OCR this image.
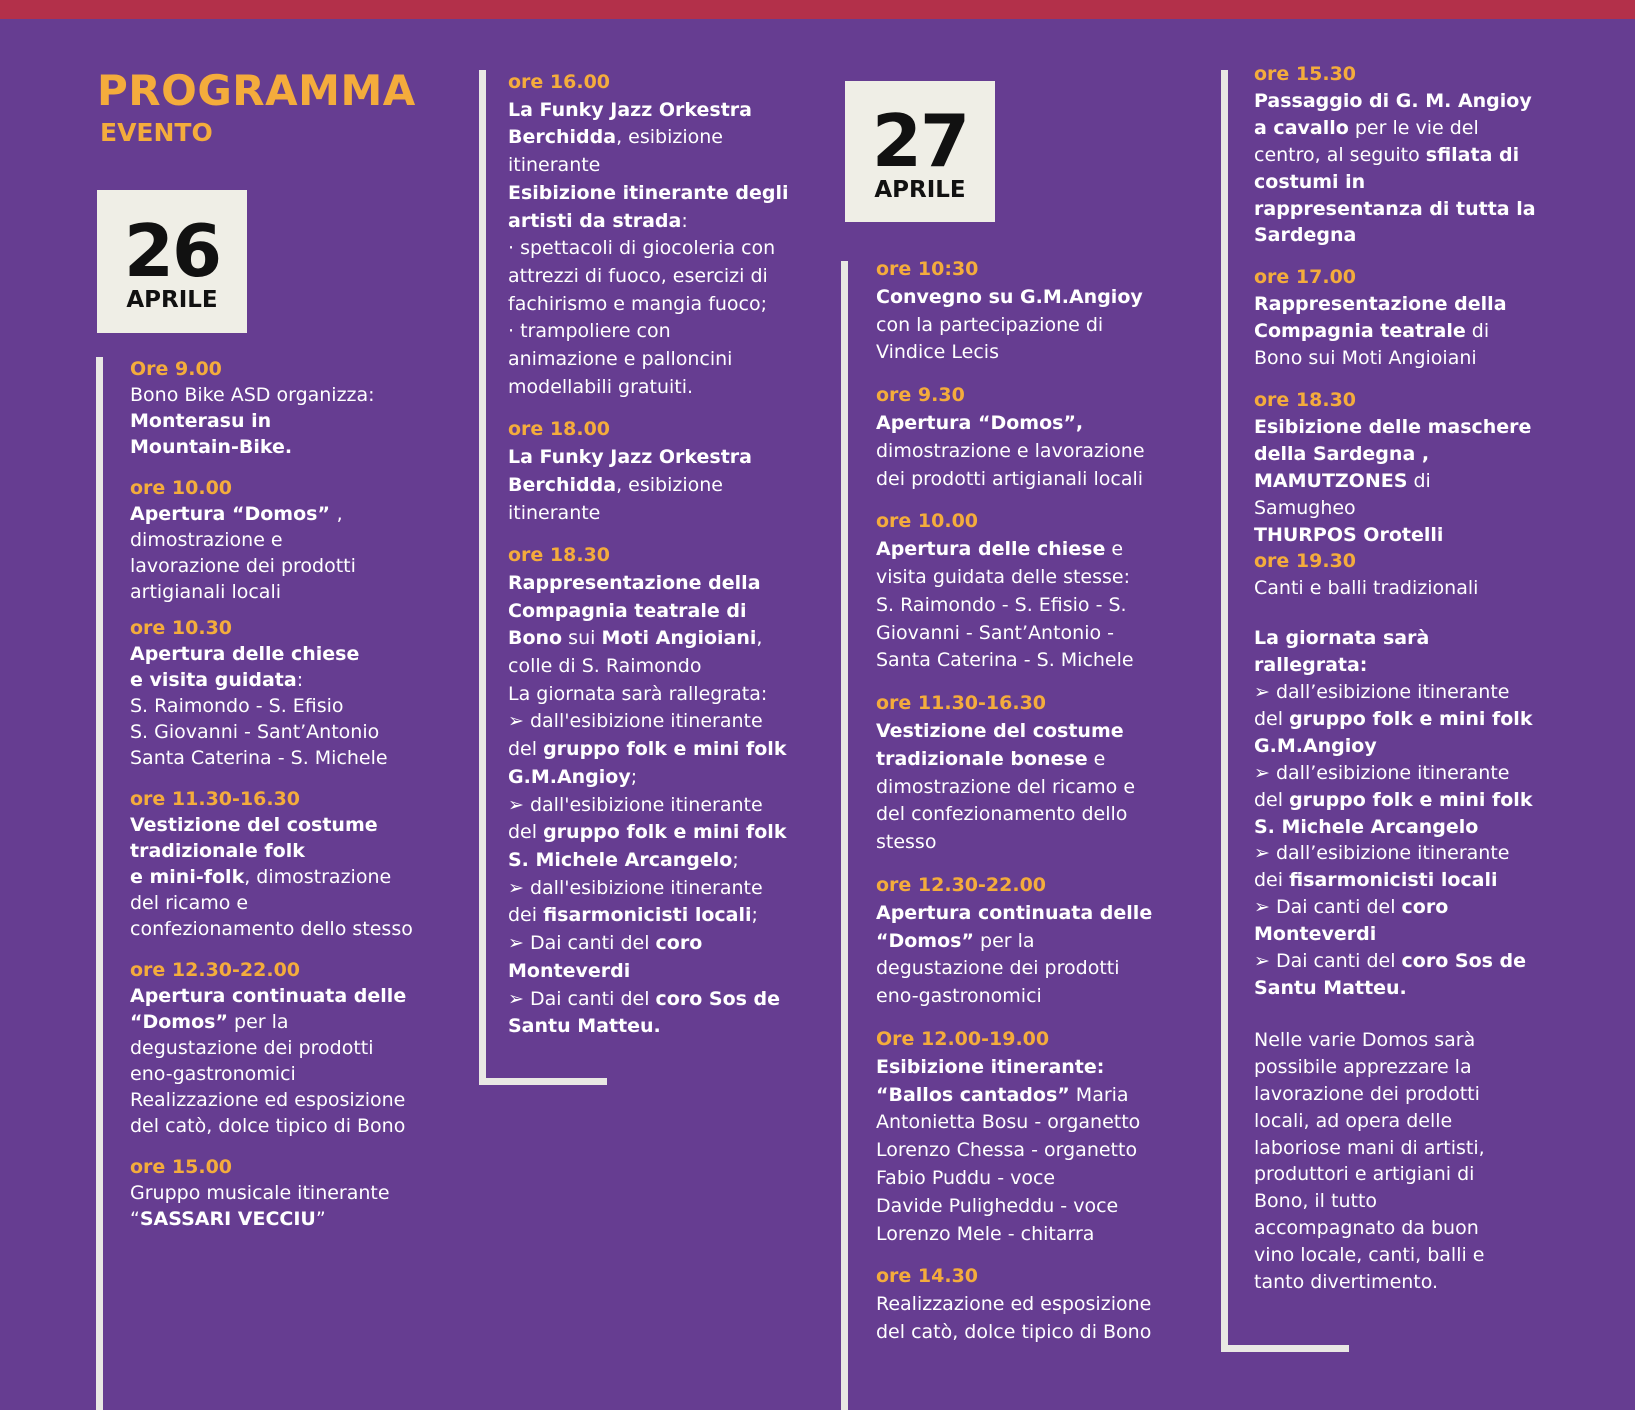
PROGRAMMA
EVENTO
26
APRILE
27
APRILE

Ore 9.00

Bono Bike ASD organizza:

Monterasu in

Mountain-Bike.

ore 10.00

Apertura “Domos” ,

dimostrazione e

lavorazione dei prodotti

artigianali locali

ore 10.30

Apertura delle chiese

e visita guidata:

S. Raimondo - S. Efisio

S. Giovanni - Sant’Antonio

Santa Caterina - S. Michele

ore 11.30-16.30

Vestizione del costume

tradizionale folk

e mini-folk, dimostrazione

del ricamo e

confezionamento dello stesso

ore 12.30-22.00

Apertura continuata delle

“Domos” per la

degustazione dei prodotti

eno-gastronomici

Realizzazione ed esposizione

del catò, dolce tipico di Bono

ore 15.00

Gruppo musicale itinerante

“SASSARI VECCIU”

ore 16.00

La Funky Jazz Orkestra

Berchidda, esibizione

itinerante

Esibizione itinerante degli

artisti da strada:

· spettacoli di giocoleria con

attrezzi di fuoco, esercizi di

fachirismo e mangia fuoco;

· trampoliere con

animazione e palloncini

modellabili gratuiti.

ore 18.00

La Funky Jazz Orkestra

Berchidda, esibizione

itinerante

ore 18.30

Rappresentazione della

Compagnia teatrale di

Bono sui Moti Angioiani,

colle di S. Raimondo

La giornata sarà rallegrata:

➢ dall'esibizione itinerante

del gruppo folk e mini folk

G.M.Angioy;

➢ dall'esibizione itinerante

del gruppo folk e mini folk

S. Michele Arcangelo;

➢ dall'esibizione itinerante

dei fisarmonicisti locali;

➢ Dai canti del coro

Monteverdi

➢ Dai canti del coro Sos de

Santu Matteu.

ore 10:30

Convegno su G.M.Angioy

con la partecipazione di

Vindice Lecis

ore 9.30

Apertura “Domos”,

dimostrazione e lavorazione

dei prodotti artigianali locali

ore 10.00

Apertura delle chiese e

visita guidata delle stesse:

S. Raimondo - S. Efisio - S.

Giovanni - Sant’Antonio -

Santa Caterina - S. Michele

ore 11.30-16.30

Vestizione del costume

tradizionale bonese e

dimostrazione del ricamo e

del confezionamento dello

stesso

ore 12.30-22.00

Apertura continuata delle

“Domos” per la

degustazione dei prodotti

eno-gastronomici

Ore 12.00-19.00

Esibizione itinerante:

“Ballos cantados” Maria

Antonietta Bosu - organetto

Lorenzo Chessa - organetto

Fabio Puddu - voce

Davide Puligheddu - voce

Lorenzo Mele - chitarra

ore 14.30

Realizzazione ed esposizione

del catò, dolce tipico di Bono

ore 15.30

Passaggio di G. M. Angioy

a cavallo per le vie del

centro, al seguito sfilata di

costumi in

rappresentanza di tutta la

Sardegna

ore 17.00

Rappresentazione della

Compagnia teatrale di

Bono sui Moti Angioiani

ore 18.30

Esibizione delle maschere

della Sardegna ,

MAMUTZONES di

Samugheo

THURPOS Orotelli

ore 19.30

Canti e balli tradizionali

La giornata sarà

rallegrata:

➢ dall’esibizione itinerante

del gruppo folk e mini folk

G.M.Angioy

➢ dall’esibizione itinerante

del gruppo folk e mini folk

S. Michele Arcangelo

➢ dall’esibizione itinerante

dei fisarmonicisti locali

➢ Dai canti del coro

Monteverdi

➢ Dai canti del coro Sos de

Santu Matteu.

Nelle varie Domos sarà

possibile apprezzare la

lavorazione dei prodotti

locali, ad opera delle

laboriose mani di artisti,

produttori e artigiani di

Bono, il tutto

accompagnato da buon

vino locale, canti, balli e

tanto divertimento.
